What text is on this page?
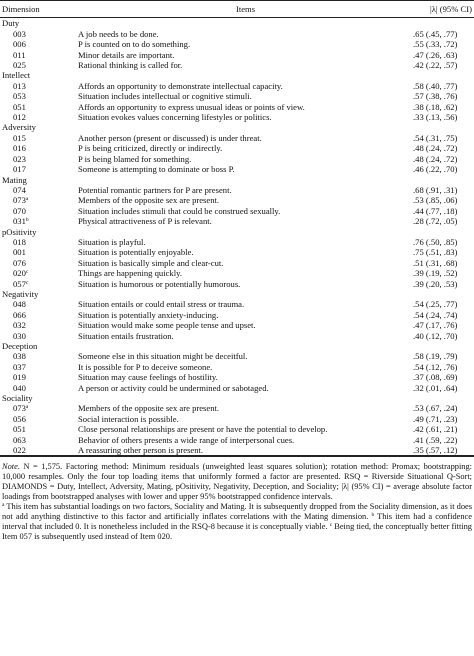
Dimension	Items	|λ| (95% CI)
Duty		
003	A job needs to be done.	.65 (.45, .77)
006	P is counted on to do something.	.55 (.33, .72)
011	Minor details are important.	.47 (.26, .63)
025	Rational thinking is called for.	.42 (.22, .57)
Intellect		
013	Affords an opportunity to demonstrate intellectual capacity.	.58 (.40, .77)
053	Situation includes intellectual or cognitive stimuli.	.57 (.38, .76)
051	Affords an opportunity to express unusual ideas or points of view.	.38 (.18, .62)
012	Situation evokes values concerning lifestyles or politics.	.33 (.13, .56)
Adversity		
015	Another person (present or discussed) is under threat.	.54 (.31, .75)
016	P is being criticized, directly or indirectly.	.48 (.24, .72)
023	P is being blamed for something.	.48 (.24, .72)
017	Someone is attempting to dominate or boss P.	.46 (.22, .70)
Mating		
074	Potential romantic partners for P are present.	.68 (.91, .31)
073$^a$	Members of the opposite sex are present.	.53 (.85, .06)
070	Situation includes stimuli that could be construed sexually.	.44 (.77, .18)
031$^b$	Physical attractiveness of P is relevant.	.28 (.72, .05)
pOsitivity		
018	Situation is playful.	.76 (.50, .85)
001	Situation is potentially enjoyable.	.75 (.51, .83)
076	Situation is basically simple and clear-cut.	.51 (.31, .68)
020$^c$	Things are happening quickly.	.39 (.19, .52)
057$^c$	Situation is humorous or potentially humorous.	.39 (.20, .53)
Negativity		
048	Situation entails or could entail stress or trauma.	.54 (.25, .77)
066	Situation is potentially anxiety-inducing.	.54 (.24, .74)
032	Situation would make some people tense and upset.	.47 (.17, .76)
030	Situation entails frustration.	.40 (.12, .70)
Deception		
038	Someone else in this situation might be deceitful.	.58 (.19, .79)
037	It is possible for P to deceive someone.	.54 (.12, .76)
019	Situation may cause feelings of hostility.	.37 (.08, .69)
040	A person or activity could be undermined or sabotaged.	.32 (.01, .64)
Sociality		
073$^a$	Members of the opposite sex are present.	.53 (.67, .24)
056	Social interaction is possible.	.49 (.71, .23)
051	Close personal relationships are present or have the potential to develop.	.42 (.61, .21)
063	Behavior of others presents a wide range of interpersonal cues.	.41 (.59, .22)
022	A reassuring other person is present.	.35 (.57, .12)

Note. N = 1,575. Factoring method: Minimum residuals (unweighted least squares solution); rotation method: Promax; bootstrapping: 10,000 resamples. Only the four top loading items that uniformly formed a factor are presented. RSQ = Riverside Situational Q-Sort; DIAMONDS = Duty, Intellect, Adversity, Mating, pOsitivity, Negativity, Deception, and Sociality; |λ| (95% CI) = average absolute factor loadings from bootstrapped analyses with lower and upper 95% bootstrapped confidence intervals.

$^a$ This item has substantial loadings on two factors, Sociality and Mating. It is subsequently dropped from the Sociality dimension, as it does not add anything distinctive to this factor and artificially inflates correlations with the Mating dimension. $^b$ This item had a confidence interval that included 0. It is nonetheless included in the RSQ-8 because it is conceptually viable. $^c$ Being tied, the conceptually better fitting Item 057 is subsequently used instead of Item 020.
